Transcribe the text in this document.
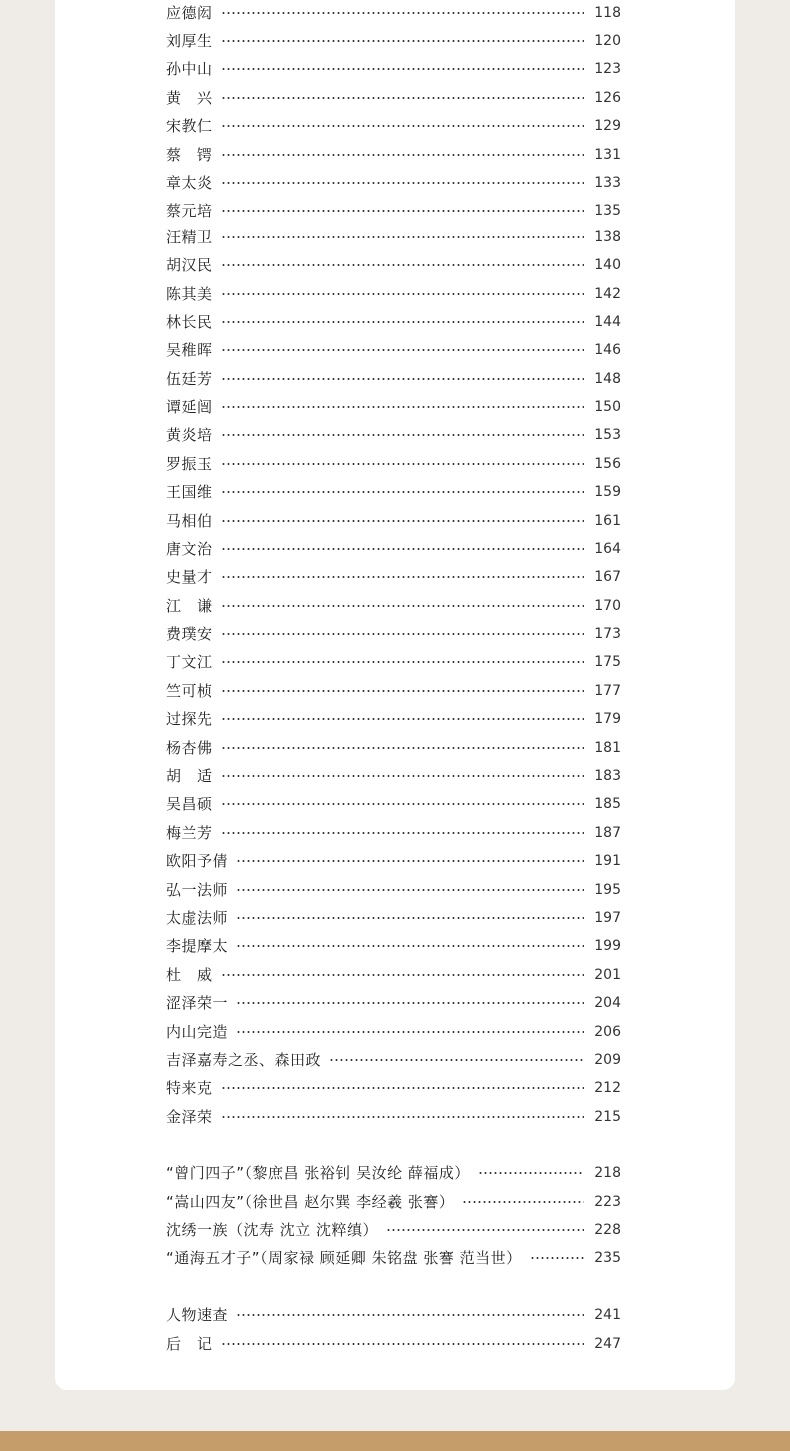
应德闳	118
刘厚生	120
孙中山	123
黄　兴	126
宋教仁	129
蔡　锷	131
章太炎	133
蔡元培	135
汪精卫	138
胡汉民	140
陈其美	142
林长民	144
吴稚晖	146
伍廷芳	148
谭延闿	150
黄炎培	153
罗振玉	156
王国维	159
马相伯	161
唐文治	164
史量才	167
江　谦	170
费璞安	173
丁文江	175
竺可桢	177
过探先	179
杨杏佛	181
胡　适	183
吴昌硕	185
梅兰芳	187
欧阳予倩	191
弘一法师	195
太虚法师	197
李提摩太	199
杜　威	201
涩泽荣一	204
内山完造	206
吉泽嘉寿之丞、森田政	209
特来克	212
金泽荣	215
“曾门四子”（黎庶昌 张裕钊 吴汝纶 薛福成）	218
“嵩山四友”（徐世昌 赵尔巽 李经羲 张謇）	223
沈绣一族（沈寿 沈立 沈粹缜）	228
“通海五才子”（周家禄 顾延卿 朱铭盘 张謇 范当世）	235
人物速查	241
后　记	247
